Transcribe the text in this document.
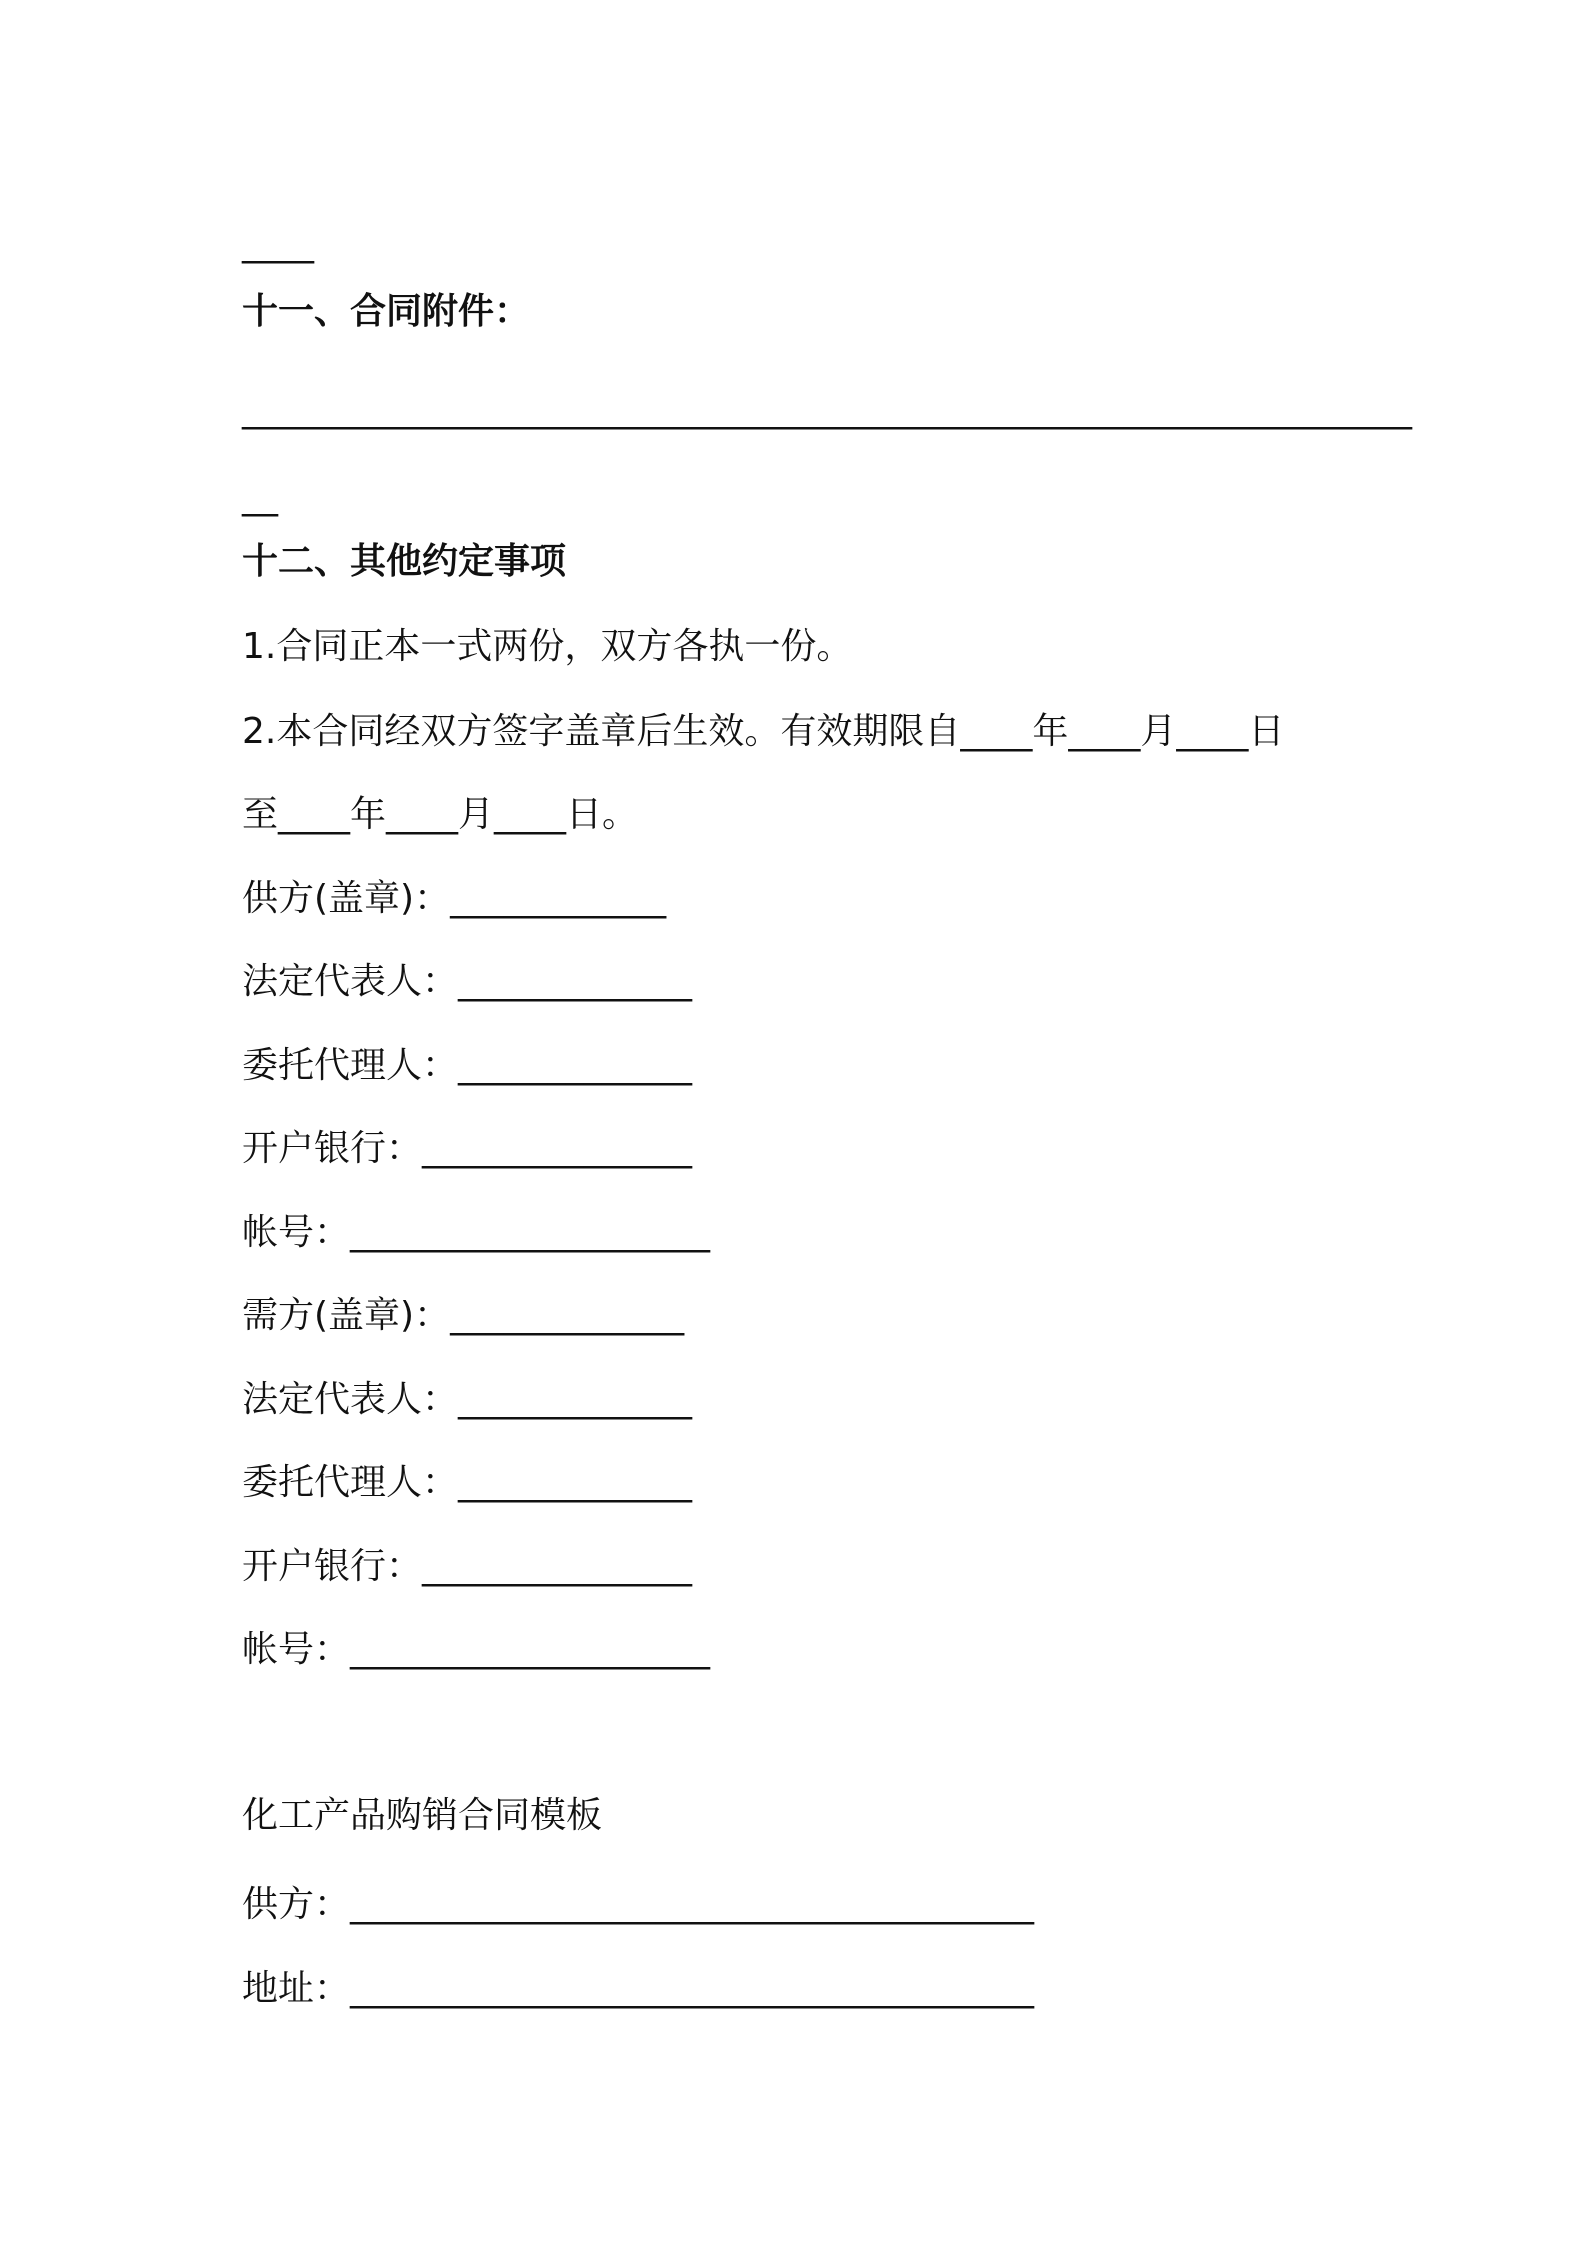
____
十一、合同附件：
_________________________________________________________________
__
十二、其他约定事项
1.合同正本一式两份，双方各执一份。
2.本合同经双方签字盖章后生效。有效期限自____年____月____日
至____年____月____日。
供方(盖章)：____________
法定代表人：_____________
委托代理人：_____________
开户银行：_______________
帐号：____________________
需方(盖章)：_____________
法定代表人：_____________
委托代理人：_____________
开户银行：_______________
帐号：____________________
化工产品购销合同模板
供方：______________________________________
地址：______________________________________
